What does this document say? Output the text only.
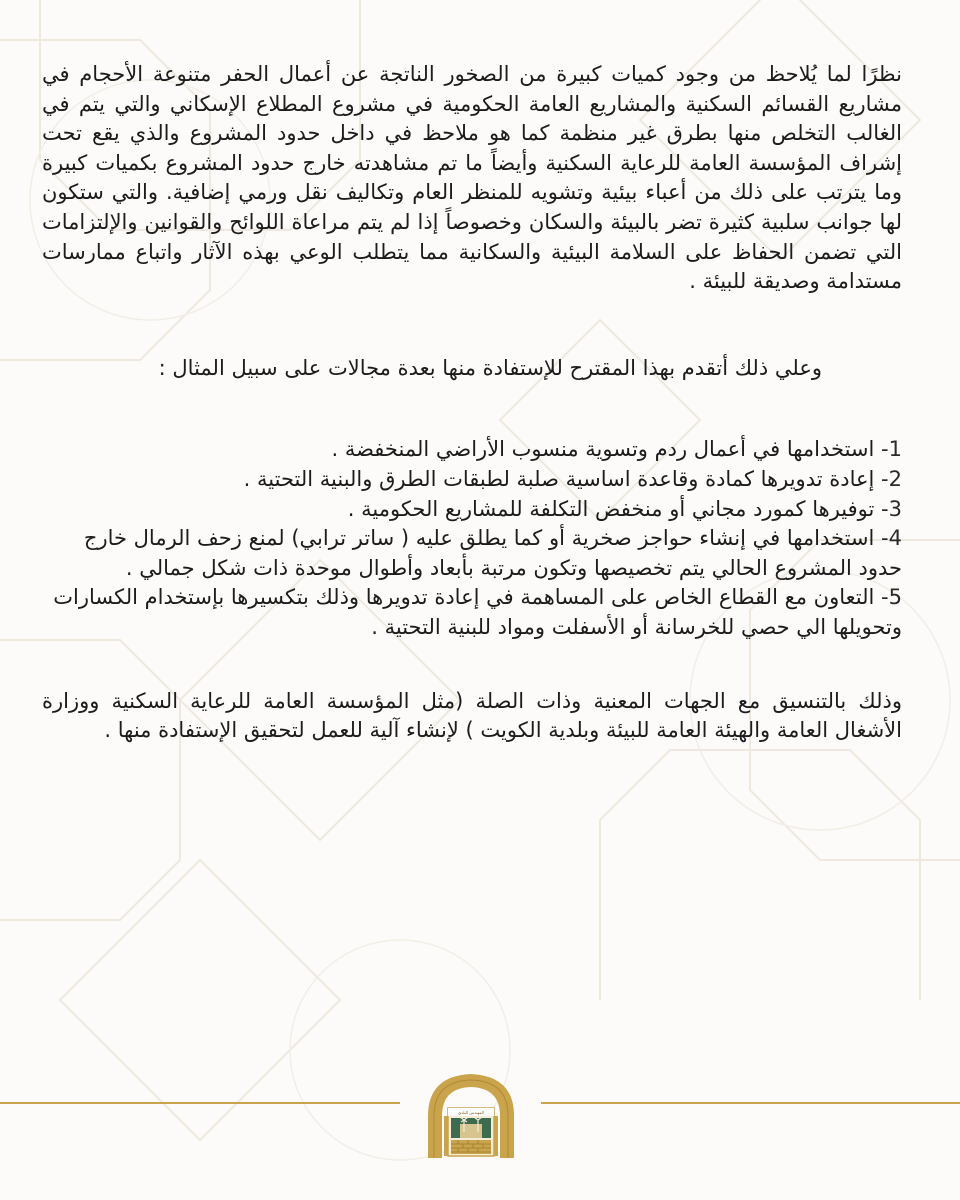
نظرًا لما يُلاحظ من وجود كميات كبيرة من الصخور الناتجة عن أعمال الحفر متنوعة الأحجام في مشاريع القسائم السكنية والمشاريع العامة الحكومية في مشروع المطلاع الإسكاني والتي يتم في الغالب التخلص منها بطرق غير منظمة كما هو ملاحظ في داخل حدود المشروع والذي يقع تحت إشراف المؤسسة العامة للرعاية السكنية وأيضاً ما تم مشاهدته خارج حدود المشروع بكميات كبيرة وما يترتب على ذلك من أعباء بيئية وتشويه للمنظر العام وتكاليف نقل ورمي إضافية. والتي ستكون لها جوانب سلبية كثيرة تضر بالبيئة والسكان وخصوصاً إذا لم يتم مراعاة اللوائح والقوانين والإلتزامات التي تضمن الحفاظ على السلامة البيئية والسكانية مما يتطلب الوعي بهذه الآثار واتباع ممارسات مستدامة وصديقة للبيئة .

وعلي ذلك أتقدم بهذا المقترح للإستفادة منها بعدة مجالات على سبيل المثال :

1- استخدامها في أعمال ردم وتسوية منسوب الأراضي المنخفضة .
2- إعادة تدويرها كمادة وقاعدة اساسية صلبة لطبقات الطرق والبنية التحتية .
3- توفيرها كمورد مجاني أو منخفض التكلفة للمشاريع الحكومية .
4- استخدامها في إنشاء حواجز صخرية أو كما يطلق عليه ( ساتر ترابي) لمنع زحف الرمال خارج حدود المشروع الحالي يتم تخصيصها وتكون مرتبة بأبعاد وأطوال موحدة ذات شكل جمالي .
5- التعاون مع القطاع الخاص على المساهمة في إعادة تدويرها وذلك بتكسيرها بإستخدام الكسارات وتحويلها الي حصي للخرسانة أو الأسفلت ومواد للبنية التحتية .

وذلك بالتنسيق مع الجهات المعنية وذات الصلة (مثل المؤسسة العامة للرعاية السكنية ووزارة الأشغال العامة والهيئة العامة للبيئة وبلدية الكويت ) لإنشاء آلية للعمل لتحقيق الإستفادة منها .

المهندس البلدي
